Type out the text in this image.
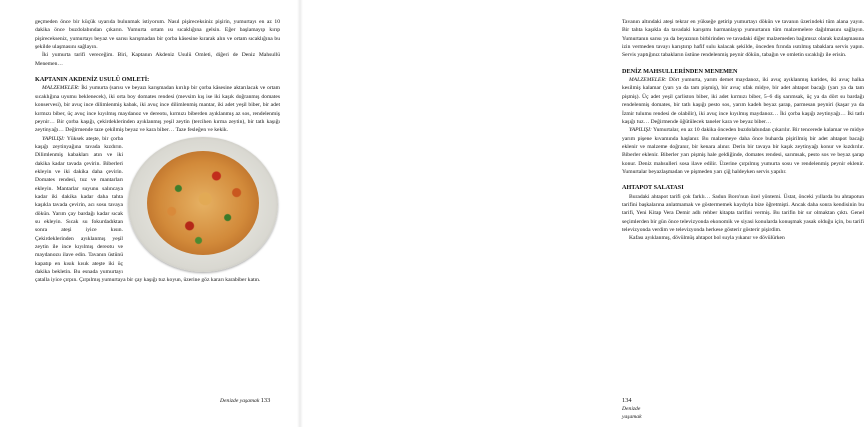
geçmeden önce bir küçük uyarıda bulunmak istiyorum. Nasıl pişireceksiniz pişirin, yumurtayı en az 10 dakika önce buzdolabından çıkarın. Yumurta ortam ısı sıcaklığına gelsin. Eğer başlamayıp kırıp pişirecekseniz, yumurtayı beyaz ve sarısı karışmadan bir çorba kâsesine kırarak alın ve ortam sıcaklığına bu şekilde ulaşmasını sağlayın.

İki yumurta tarifi vereceğim. Biri, Kaptanın Akdeniz Usulü Omleti, diğeri de Deniz Mahsullü Menemen…

KAPTANIN AKDENİZ USULÜ OMLETİ:

MALZEMELER: İki yumurta (sarısı ve beyazı karışmadan kırılıp bir çorba kâsesine aktarılacak ve ortam sıcaklığına uyumu beklenecek), iki orta boy domates rendesi (mevsim kış ise iki kaşık doğranmış domates konservesi), bir avuç ince dilimlenmiş kabak, iki avuç ince dilimlenmiş mantar, iki adet yeşil biber, bir adet kırmızı biber, üç avuç ince kıyılmış maydanoz ve dereotu, kırmızı biberden ayıklanmış az sos, rendelenmiş peynir… Bir çorba kaşığı, çekirdeklerinden ayıklanmış yeşil zeytin (tercihen kırma zeytin), bir tatlı kaşığı zeytinyağı… Değirmende taze çekilmiş beyaz ve kara biber… Taze fesleğen ve kekik.

YAPILIŞI: Yüksek ateşte, bir çorba kaşığı zeytinyağına tavada kızdırın. Dilimlenmiş kabakları atın ve iki dakika kadar tavada çevirin. Biberleri ekleyin ve iki dakika daha çevirin. Domates rendesi, tuz ve mantarları ekleyin. Mantarlar suyunu salıncaya kadar iki dakika kadar daha tahta kaşıkla tavada çevirin, acı sosu tavaya dökün. Yarım çay bardağı kadar sıcak su ekleyin. Sıcak su fokurdadıktan sonra ateşi iyice kısın. Çekirdeklerinden ayıklanmış yeşil zeytin ile ince kıyılmış dereotu ve maydanozu ilave edin. Tavanın üstünü kapatıp en kısık kısık ateşte iki üç dakika bekletin. Bu esnada yumurtayı çatalla iyice çırpın. Çırpılmış yumurtaya bir çay kaşığı tuz koyun, üzerine göz kararı karabiber katın.

Denizde yaşamak 133

Tavanın altındaki ateşi tekrar en yükseğe getirip yumurtayı dökün ve tavanın üzerindeki tüm alana yayın. Bir tahta kaşıkla da tavadaki karışımı harmanlayıp yumurtanın tüm malzemelere dağılmasını sağlayın. Yumurtanın sarısı ya da beyazının birbirinden ve tavadaki diğer malzemeden bağımsız olarak kızılaşmasına izin vermeden tavayı karıştırıp hafif sulu kalacak şekilde, önceden fırında ısıtılmış tabaklara servis yapın. Servis yaptığınız tabakların üstüne rendelenmiş peynir dökün, tabağın ve omletin sıcaklığı ile erisin.

DENİZ MAHSULLERİNDEN MENEMEN

MALZEMELER: Dört yumurta, yarım demet maydanoz, iki avuç ayıklanmış karides, iki avuç halka kesilmiş kalamar (yarı ya da tam pişmiş), bir avuç ufak midye, bir adet ahtapot bacağı (yarı ya da tam pişmiş). Üç adet yeşil çarliston biber, iki adet kırmızı biber, 5–6 diş sarımsak, üç ya da dört su bardağı rendelenmiş domates, bir tatlı kaşığı pesto sos, yarım kadeh beyaz şarap, parmesan peyniri (kaşar ya da İzmir tulumu rendesi de olabilir), iki avuç ince kıyılmış maydanoz… İki çorba kaşığı zeytinyağı… İki tatlı kaşığı tuz… Değirmende öğütülecek taneler kara ve beyaz biber…

YAPILIŞI: Yumurtalar, en az 10 dakika önceden buzdolabından çıkarılır. Bir tencerede kalamar ve midye yarım pişene kıvamında haşlanır. Bu malzemeye daha önce buharda pişirilmiş bir adet ahtapot bacağı eklenir ve malzeme doğranır, bir kenara alınır. Derin bir tavaya bir kaşık zeytinyağı konur ve kızdırılır. Biberler eklenir. Biberler yarı pişmiş hale geldiğinde, domates rendesi, sarımsak, pesto sos ve beyaz şarap konur. Deniz mahsulleri sosa ilave edilir. Üzerine çırpılmış yumurta sosu ve rendelenmiş peynir eklenir. Yumurtalar beyazlaşmadan ve pişmeden yarı çiğ haldeyken servis yapılır.

AHTAPOT SALATASI

Buradaki ahtapot tarifi çok farklı… Sadun Boro'nun özel yöntemi. Üstat, önceki yıllarda bu ahtapotun tarifini başkalarına anlatmamak ve göstermemek kaydıyla bize öğretmişti. Ancak daha sonra kendisinin bu tarifi, Yeni Kitap Vera Demir adlı rehber kitapta tarifini vermiş. Bu tarifin bir sır olmaktan çıktı. Genel seçimlerden bir gün önce televizyonda ekonomik ve siyasi konularda konuşmak yasak olduğu için, bu tarifi televizyonda verdim ve televizyonda herkese gösterir gösterir pişirdim.

Kafası ayıklanmış, dövülmüş ahtapot bol suyla yıkanır ve dövülürken

134 Denizde yaşamak
